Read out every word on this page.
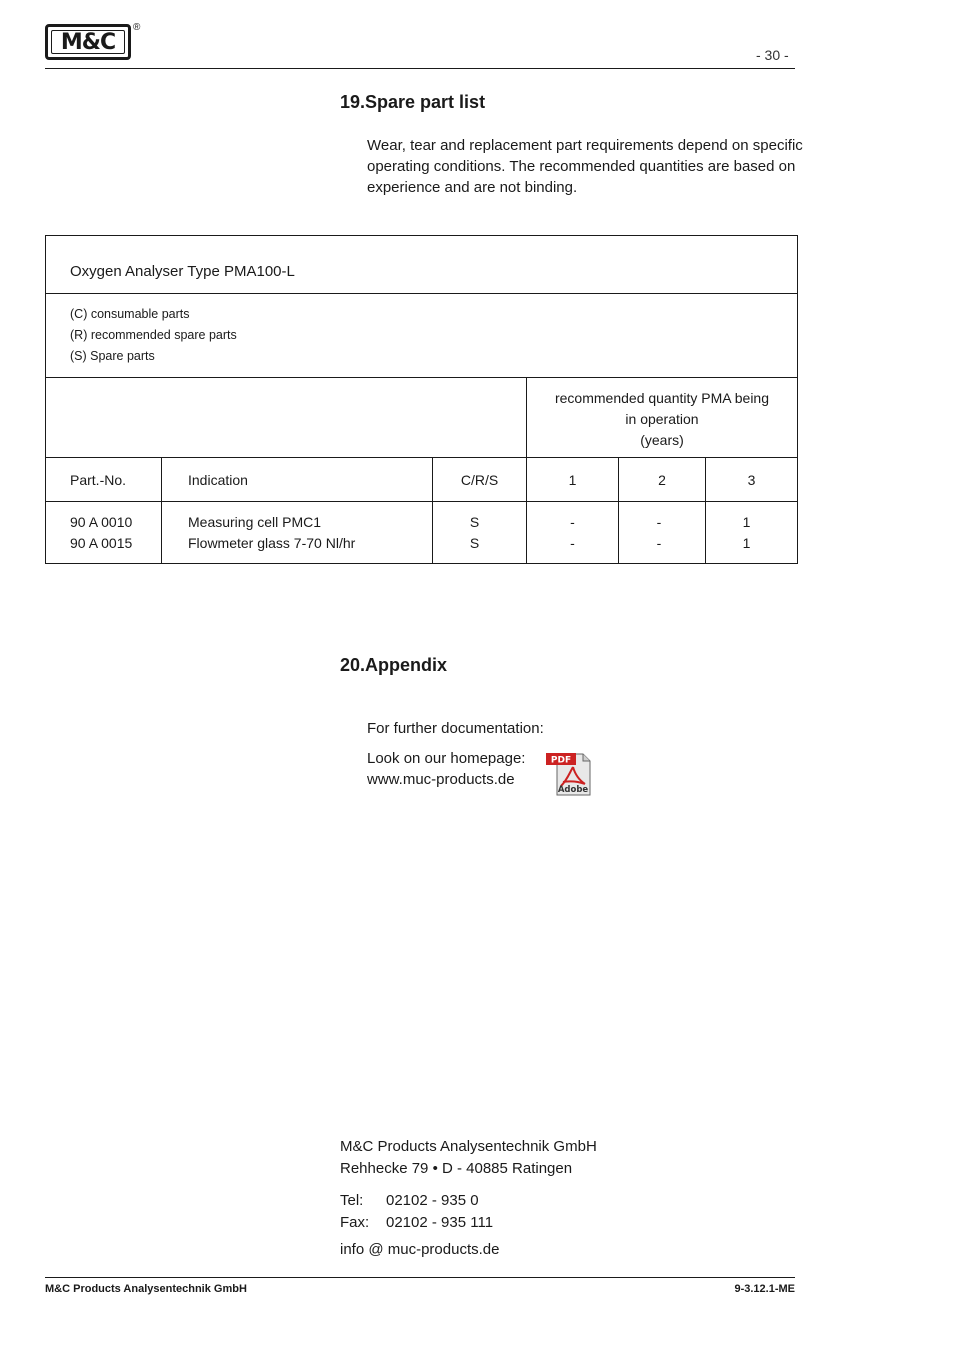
M&C
®
- 30 -
19.Spare part list
Wear, tear and replacement part requirements depend on specific operating conditions. The recommended quantities are based on experience and are not binding.
Oxygen Analyser Type PMA100-L
(C) consumable parts
(R) recommended spare parts
(S) Spare parts
recommended quantity PMA being
in operation
(years)
Part.-No.	Indication	C/R/S	1	2	3
90 A 0010	Measuring cell PMC1	S	-	-	1
90 A 0015	Flowmeter glass 7-70 Nl/hr	S	-	-	1
20.Appendix
For further documentation:
Look on our homepage:
www.muc-products.de
PDF
Adobe
M&C Products Analysentechnik GmbH
Rehhecke 79 • D - 40885 Ratingen
Tel: 02102 - 935 0
Fax: 02102 - 935 111
info @ muc-products.de
M&C Products Analysentechnik GmbH	9-3.12.1-ME
